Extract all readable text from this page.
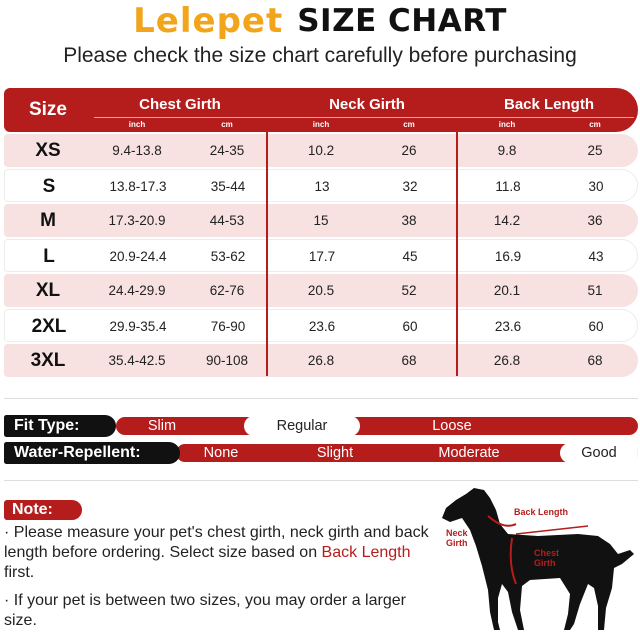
Lelepet SIZE CHART
Please check the size chart carefully before purchasing
Size	Chest Girth	Neck Girth	Back Length
inch	cm	inch	cm	inch	cm
XS	9.4-13.8	24-35	10.2	26	9.8	25
S	13.8-17.3	35-44	13	32	11.8	30
M	17.3-20.9	44-53	15	38	14.2	36
L	20.9-24.4	53-62	17.7	45	16.9	43
XL	24.4-29.9	62-76	20.5	52	20.1	51
2XL	29.9-35.4	76-90	23.6	60	23.6	60
3XL	35.4-42.5	90-108	26.8	68	26.8	68
Fit Type:	Slim	Regular	Loose
Water-Repellent:	None	Slight	Moderate	Good
Note:
· Please measure your pet's chest girth, neck girth and back length before ordering. Select size based on Back Length first.
· If your pet is between two sizes, you may order a larger size.
Back Length
Neck
Girth
Chest
Girth
